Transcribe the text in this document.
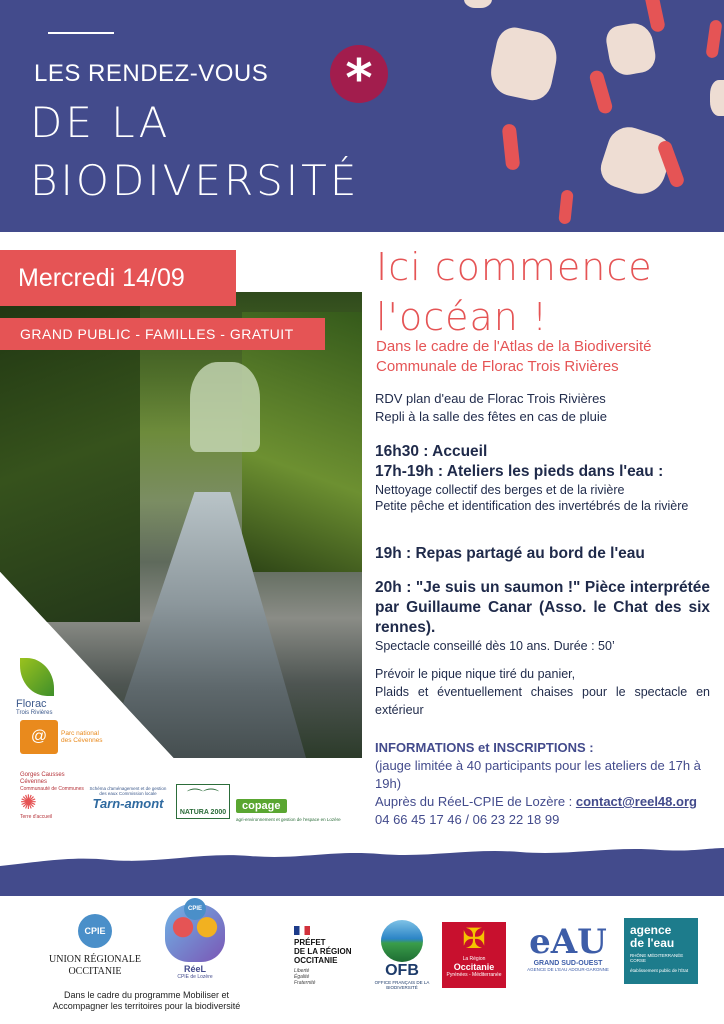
LES RENDEZ-VOUS
DE LA
BIODIVERSITÉ
*
Mercredi 14/09
GRAND PUBLIC - FAMILLES - GRATUIT
Ici commence
l'océan !
Dans le cadre de l'Atlas de la Biodiversité
Communale de Florac Trois Rivières
RDV plan d'eau de Florac Trois Rivières
Repli à la salle des fêtes en cas de pluie
16h30 : Accueil
17h-19h : Ateliers les pieds dans l'eau :
Nettoyage collectif des berges et de la rivière
Petite pêche et identification des invertébrés de la rivière
19h : Repas partagé au bord de l'eau
20h : "Je suis un saumon !" Pièce interprétée par Guillaume Canar (Asso. le Chat des six rennes).
Spectacle conseillé dès 10 ans. Durée : 50’
Prévoir le pique nique tiré du panier,
Plaids et éventuellement chaises pour le spectacle en extérieur
INFORMATIONS et INSCRIPTIONS :
(jauge limitée à 40 participants pour les ateliers de 17h à 19h)
Auprès du RéeL-CPIE de Lozère : contact@reel48.org
04 66 45 17 46 / 06 23 22 18 99
Florac
Trois Rivières
@	Parc national des Cévennes
Gorges Causses Cévennes
Communauté de Communes
✺
Terre d'accueil
Schéma d'aménagement et de gestion des eaux Commission locale
Tarn-amont	⌒⌒
NATURA 2000
copage
agri-environnement et gestion de l'espace en Lozère
CPIE
UNION RÉGIONALE
OCCITANIE
CPIE
RéeL
CPIE de Lozère
Dans le cadre du programme Mobiliser et Accompagner les territoires pour la biodiversité
PRÉFET
DE LA RÉGION
OCCITANIE
Liberté
Égalité
Fraternité
OFB
OFFICE FRANÇAIS DE LA BIODIVERSITÉ
✠
La Région
Occitanie
Pyrénées - Méditerranée
eAU
GRAND SUD-OUEST
AGENCE DE L'EAU ADOUR-GARONNE
agence
de l'eau
RHÔNE MÉDITERRANÉE CORSE
établissement public de l'État
